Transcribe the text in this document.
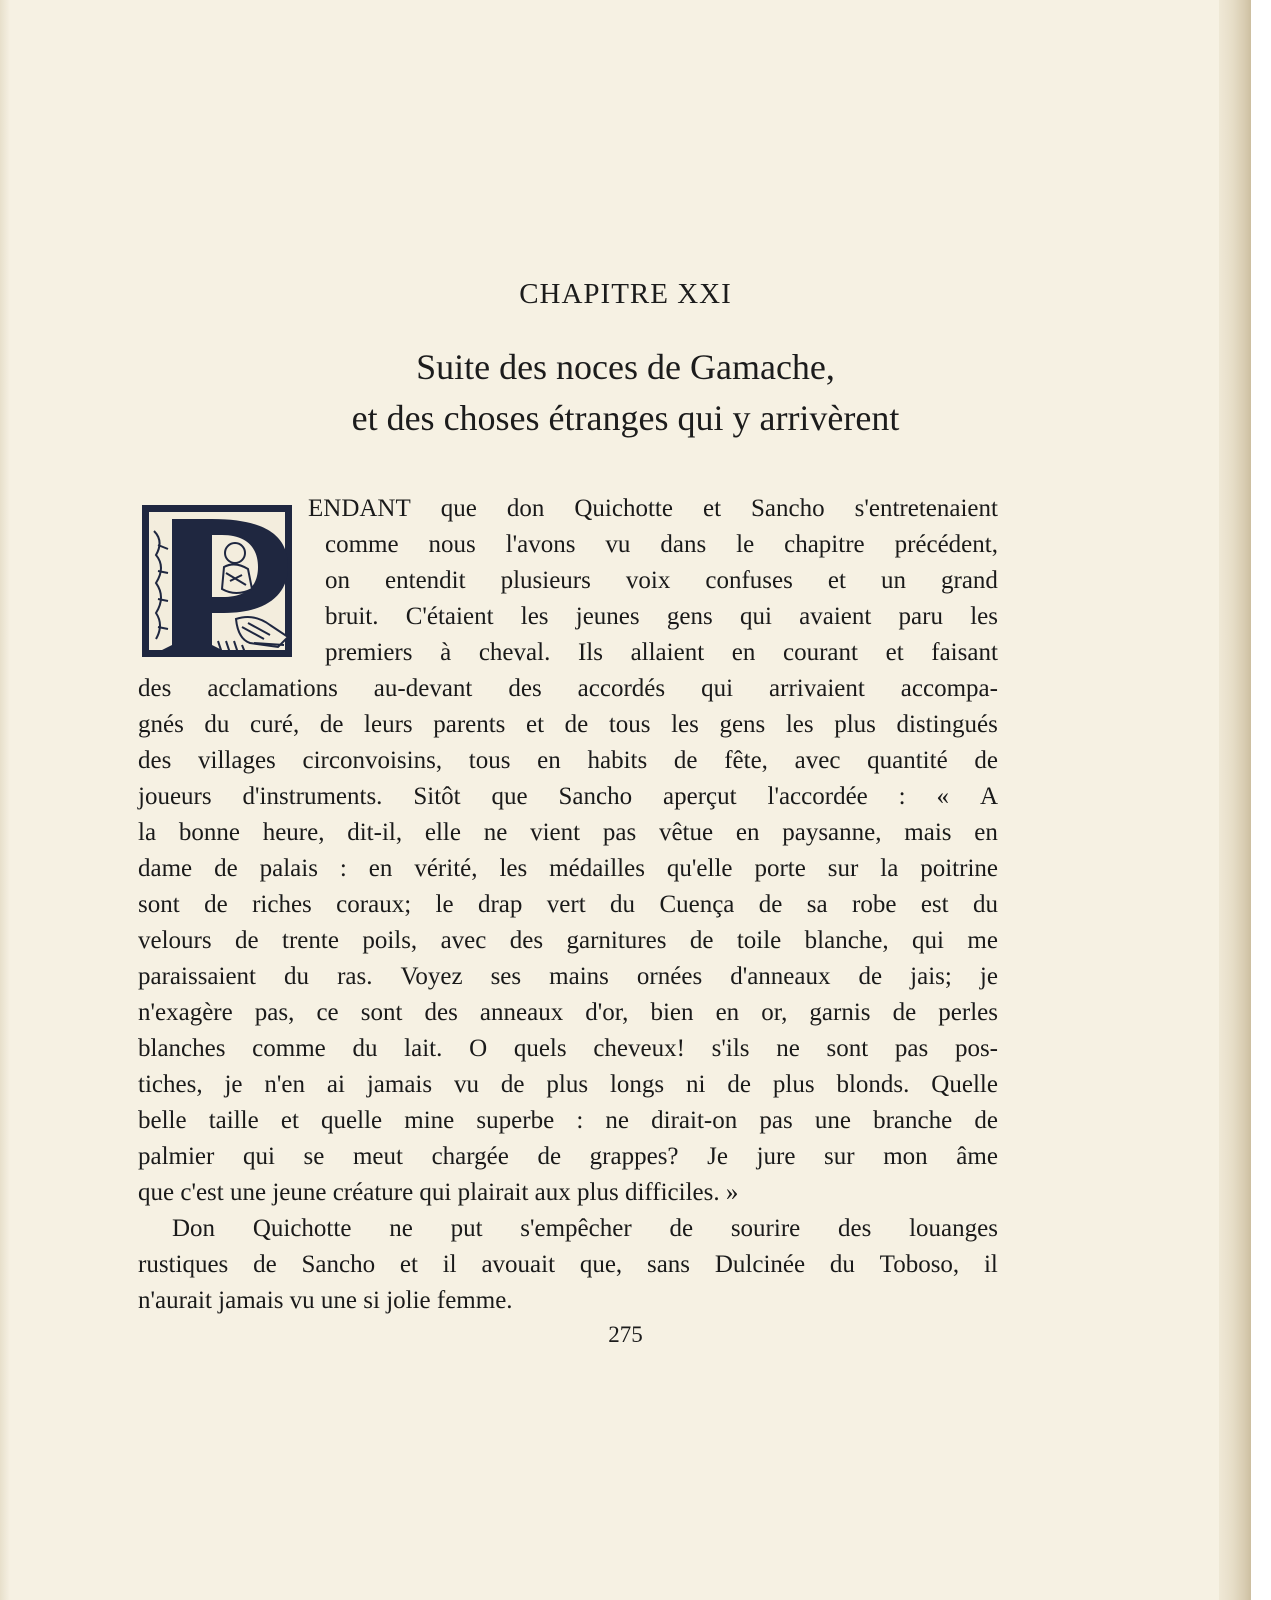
CHAPITRE XXI
Suite des noces de Gamache,
et des choses étranges qui y arrivèrent
ENDANT que don Quichotte et Sancho s'entretenaient
comme nous l'avons vu dans le chapitre précédent,
on entendit plusieurs voix confuses et un grand
bruit. C'étaient les jeunes gens qui avaient paru les
premiers à cheval. Ils allaient en courant et faisant
des acclamations au-devant des accordés qui arrivaient accompa-
gnés du curé, de leurs parents et de tous les gens les plus distingués
des villages circonvoisins, tous en habits de fête, avec quantité de
joueurs d'instruments. Sitôt que Sancho aperçut l'accordée : « A
la bonne heure, dit-il, elle ne vient pas vêtue en paysanne, mais en
dame de palais : en vérité, les médailles qu'elle porte sur la poitrine
sont de riches coraux; le drap vert du Cuença de sa robe est du
velours de trente poils, avec des garnitures de toile blanche, qui me
paraissaient du ras. Voyez ses mains ornées d'anneaux de jais; je
n'exagère pas, ce sont des anneaux d'or, bien en or, garnis de perles
blanches comme du lait. O quels cheveux! s'ils ne sont pas pos-
tiches, je n'en ai jamais vu de plus longs ni de plus blonds. Quelle
belle taille et quelle mine superbe : ne dirait-on pas une branche de
palmier qui se meut chargée de grappes? Je jure sur mon âme
que c'est une jeune créature qui plairait aux plus difficiles. »
Don Quichotte ne put s'empêcher de sourire des louanges
rustiques de Sancho et il avouait que, sans Dulcinée du Toboso, il
n'aurait jamais vu une si jolie femme.
275
